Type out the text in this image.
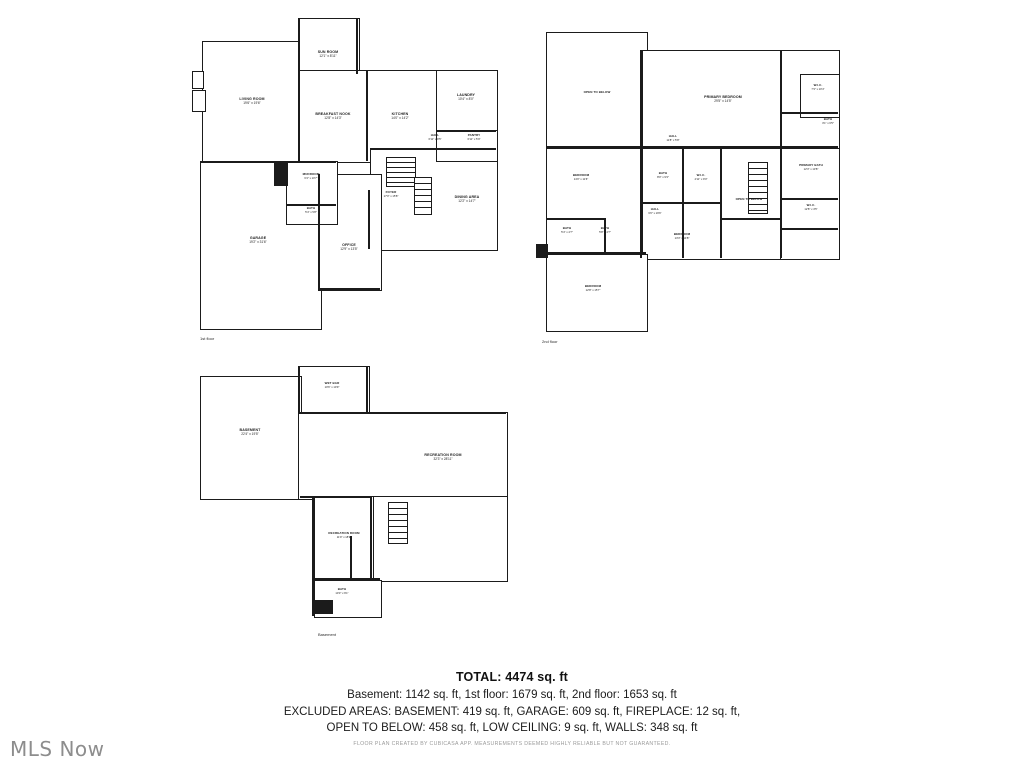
SUN ROOM
12'1" x 8'11"
LIVING ROOM
19'6" x 19'6"
BREAKFAST NOOK
12'8" x 14'3"
KITCHEN
14'0" x 14'2"
LAUNDRY
10'4" x 8'0"
HALL
6'11" x 9'5"
PANTRY
6'11" x 5'9"
MUDROOM
6'4" x 10'7"
BATH
5'4" x 5'8"
FOYER
17'0" x 15'8"	DINING AREA
12'2" x 14'7"
GARAGE
19'2" x 31'6"
OFFICE
12'9" x 13'5"
1st floor
OPEN TO BELOW
PRIMARY BEDROOM
29'5" x 14'5"
W.I.C.
7'3" x 10'4"
BATH
3'1" x 6'5"
HALL
11'8" x 5'8"
PRIMARY BATH
12'3" x 13'8"
BEDROOM
14'0" x 11'6"
BATH
8'0" x 9'3"
W.I.C.
4'11" x 9'0"
OPEN TO BELOW
W.I.C.
12'8" x 4'5"
HALL
6'0" x 19'6"
BATH
5'4" x 4'7"
BATH
5'8" x 4'7"	BEDROOM
13'3" x 14'8"
BEDROOM
12'8" x 15'7"
2nd floor
WET BAR
10'6" x 10'9"
BASEMENT
22'4" x 19'5"
RECREATION ROOM
32'3" x 28'11"
RECREATION ROOM
11'9" x 18'9"
BATH
10'3" x 9'1"
Basement
TOTAL: 4474 sq. ft
Basement: 1142 sq. ft, 1st floor: 1679 sq. ft, 2nd floor: 1653 sq. ft
EXCLUDED AREAS: BASEMENT: 419 sq. ft, GARAGE: 609 sq. ft, FIREPLACE: 12 sq. ft,
OPEN TO BELOW: 458 sq. ft, LOW CEILING: 9 sq. ft, WALLS: 348 sq. ft
FLOOR PLAN CREATED BY CUBICASA APP. MEASUREMENTS DEEMED HIGHLY RELIABLE BUT NOT GUARANTEED.
MLS Now
